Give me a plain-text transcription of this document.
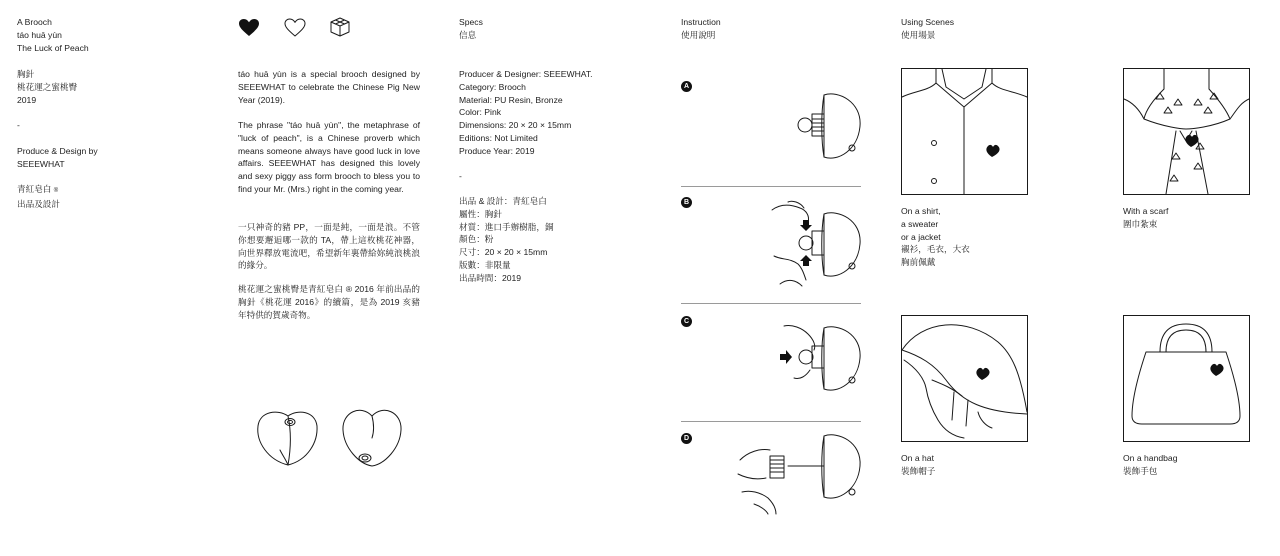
A Brooch
táo huā yùn
The Luck of Peach
胸針
桃花運之蜜桃臀
2019
-
Produce & Design by
SEEEWHAT
青紅皂白 ®
出品及設計
táo huā yùn is a special brooch designed by SEEEWHAT to celebrate the Chinese Pig New Year (2019).
The phrase "táo huā yùn", the metaphrase of "luck of peach", is a Chinese proverb which means someone always have good luck in love affairs. SEEEWHAT has designed this lovely and sexy piggy ass form brooch to bless you to find your Mr. (Mrs.) right in the coming year.
一只神奇的豬 PP，一面是純，一面是浪。不管你想要邂逅哪一款的 TA，帶上這枚桃花神器，向世界釋放電流吧，希望新年裏帶給妳純浪桃浪的緣分。
桃花運之蜜桃臀是青紅皂白 ® 2016 年前出品的胸針《桃花運 2016》的續篇，是為 2019 亥豬年特供的賀歲奇物。
Specs
信息
Producer & Designer: SEEEWHAT.
Category: Brooch
Material: PU Resin, Bronze
Color: Pink
Dimensions: 20 × 20 × 15mm
Editions: Not Limited
Produce Year: 2019
-
出品 & 設計：青紅皂白
屬性：胸針
材質：進口手辦樹脂，銅
顏色：粉
尺寸：20 × 20 × 15mm
版數：非限量
出品時間：2019
Instruction
使用說明
A
B
C
D
Using Scenes
使用場景
On a shirt,
a sweater
or a jacket
襯衫，毛衣，大衣
胸前佩戴
With a scarf
圍巾紮束
On a hat
裝飾帽子
On a handbag
裝飾手包
